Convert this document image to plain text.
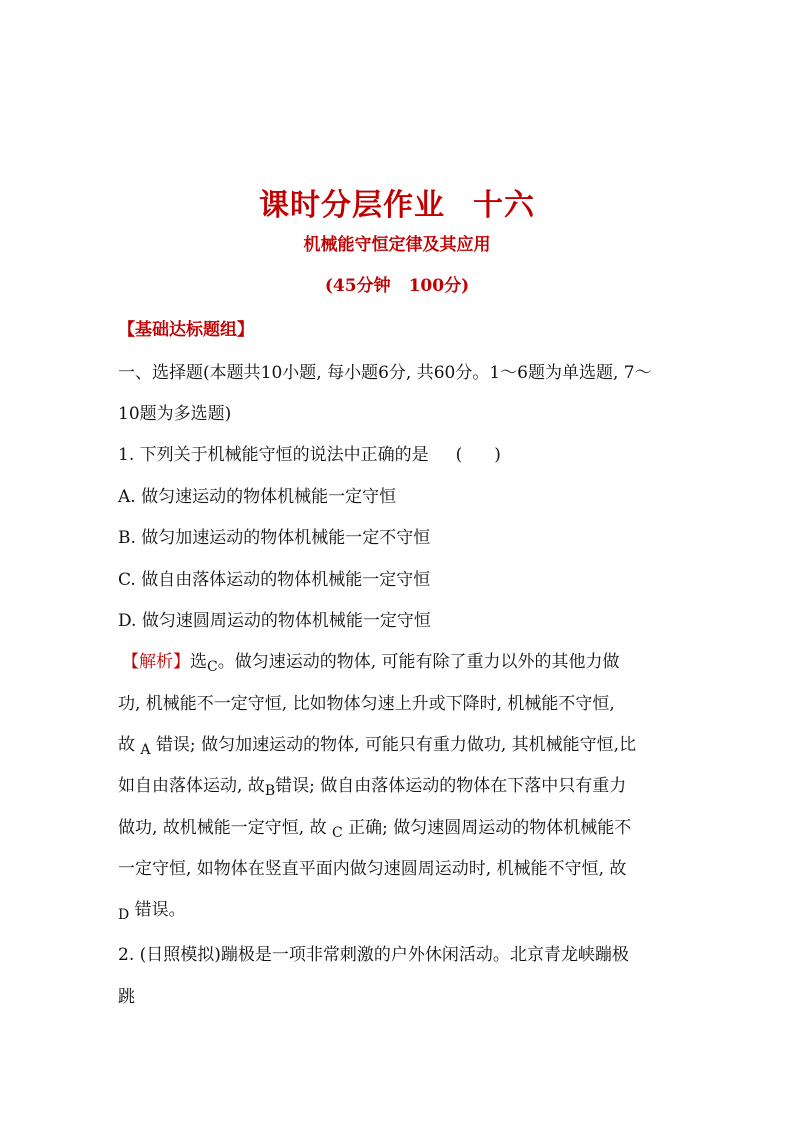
课时分层作业 十六
机械能守恒定律及其应用
(45分钟 100分)
【基础达标题组】
一、选择题(本题共10小题, 每小题6分, 共60分。1～6题为单选题, 7～
10题为多选题)
1. 下列关于机械能守恒的说法中正确的是 ( )
A. 做匀速运动的物体机械能一定守恒
B. 做匀加速运动的物体机械能一定不守恒
C. 做自由落体运动的物体机械能一定守恒
D. 做匀速圆周运动的物体机械能一定守恒
【解析】选$_C$。做匀速运动的物体, 可能有除了重力以外的其他力做
功, 机械能不一定守恒, 比如物体匀速上升或下降时, 机械能不守恒,
故 $_A$ 错误; 做匀加速运动的物体, 可能只有重力做功, 其机械能守恒,比
如自由落体运动, 故$_B$错误; 做自由落体运动的物体在下落中只有重力
做功, 故机械能一定守恒, 故 $_C$ 正确; 做匀速圆周运动的物体机械能不
一定守恒, 如物体在竖直平面内做匀速圆周运动时, 机械能不守恒, 故
$_D$ 错误。
2. (日照模拟)蹦极是一项非常刺激的户外休闲活动。北京青龙峡蹦极
跳
